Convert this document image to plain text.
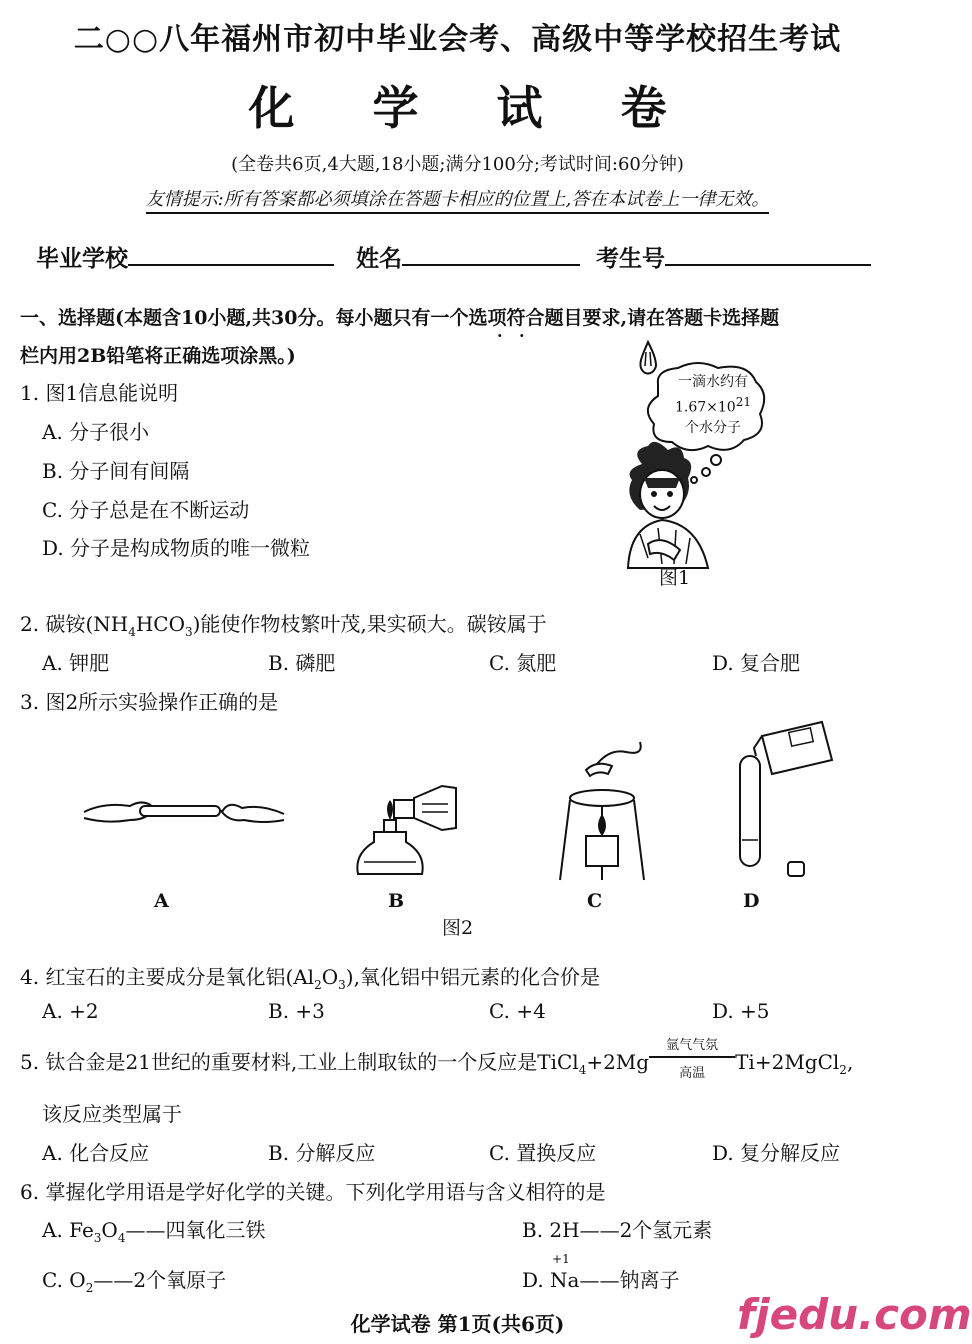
二○○八年福州市初中毕业会考、高级中等学校招生考试
化学试卷
(全卷共6页,4大题,18小题;满分100分;考试时间:60分钟)
友情提示:所有答案都必须填涂在答题卡相应的位置上,答在本试卷上一律无效。
毕业学校	姓名	考生号
一、选择题(本题含10小题,共30分。每小题只有一个选项符合题目要求,请在答题卡选择题
· ·
栏内用2B铅笔将正确选项涂黑。)
1. 图1信息能说明
A. 分子很小
B. 分子间有间隔
C. 分子总是在不断运动
D. 分子是构成物质的唯一微粒
一滴水约有
$1.67\times 10^{21}$
个水分子
图1
2. 碳铵$(NH_4HCO_3)$能使作物枝繁叶茂,果实硕大。碳铵属于
A. 钾肥	B. 磷肥	C. 氮肥	D. 复合肥
3. 图2所示实验操作正确的是
A	B	C	D
图2
4. 红宝石的主要成分是氧化铝$(Al_2O_3)$,氧化铝中铝元素的化合价是
A. +2	B. +3	C. +4	D. +5
5. 钛合金是21世纪的重要材料,工业上制取钛的一个反应是TiCl$_4$+2Mg
氩气气氛
高温	Ti+2MgCl$_2$,
该反应类型属于
A. 化合反应	B. 分解反应	C. 置换反应	D. 复分解反应
6. 掌握化学用语是学好化学的关键。下列化学用语与含义相符的是
A. $Fe_3O_4——$四氧化三铁	B. 2H——2个氢元素
C. $O_2——2$个氧原子	D.
+1
Na——钠离子
化学试卷 第1页(共6页)	fjedu.com
